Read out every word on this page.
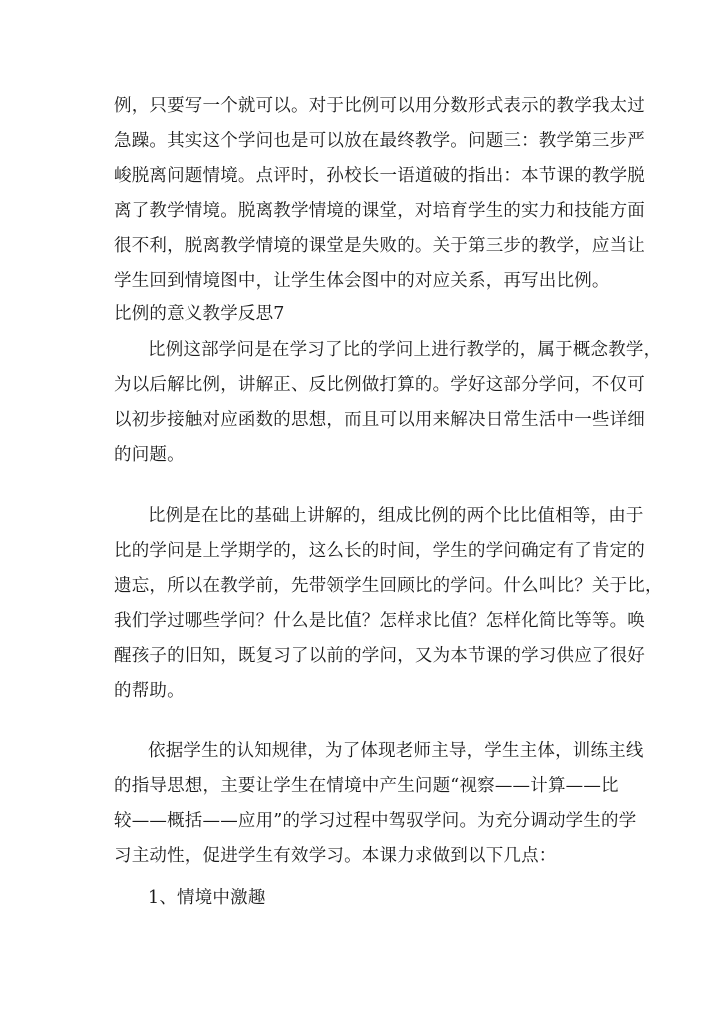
例，只要写一个就可以。对于比例可以用分数形式表示的教学我太过
急躁。其实这个学问也是可以放在最终教学。问题三：教学第三步严
峻脱离问题情境。点评时，孙校长一语道破的指出：本节课的教学脱
离了教学情境。脱离教学情境的课堂，对培育学生的实力和技能方面
很不利，脱离教学情境的课堂是失败的。关于第三步的教学，应当让
学生回到情境图中，让学生体会图中的对应关系，再写出比例。
比例的意义教学反思7
比例这部学问是在学习了比的学问上进行教学的，属于概念教学，
为以后解比例，讲解正、反比例做打算的。学好这部分学问，不仅可
以初步接触对应函数的思想，而且可以用来解决日常生活中一些详细
的问题。
比例是在比的基础上讲解的，组成比例的两个比比值相等，由于
比的学问是上学期学的，这么长的时间，学生的学问确定有了肯定的
遗忘，所以在教学前，先带领学生回顾比的学问。什么叫比？关于比，
我们学过哪些学问？什么是比值？怎样求比值？怎样化简比等等。唤
醒孩子的旧知，既复习了以前的学问，又为本节课的学习供应了很好
的帮助。
依据学生的认知规律，为了体现老师主导，学生主体，训练主线
的指导思想，主要让学生在情境中产生问题“视察——计算——比
较——概括——应用”的学习过程中驾驭学问。为充分调动学生的学
习主动性，促进学生有效学习。本课力求做到以下几点：
1、情境中激趣
